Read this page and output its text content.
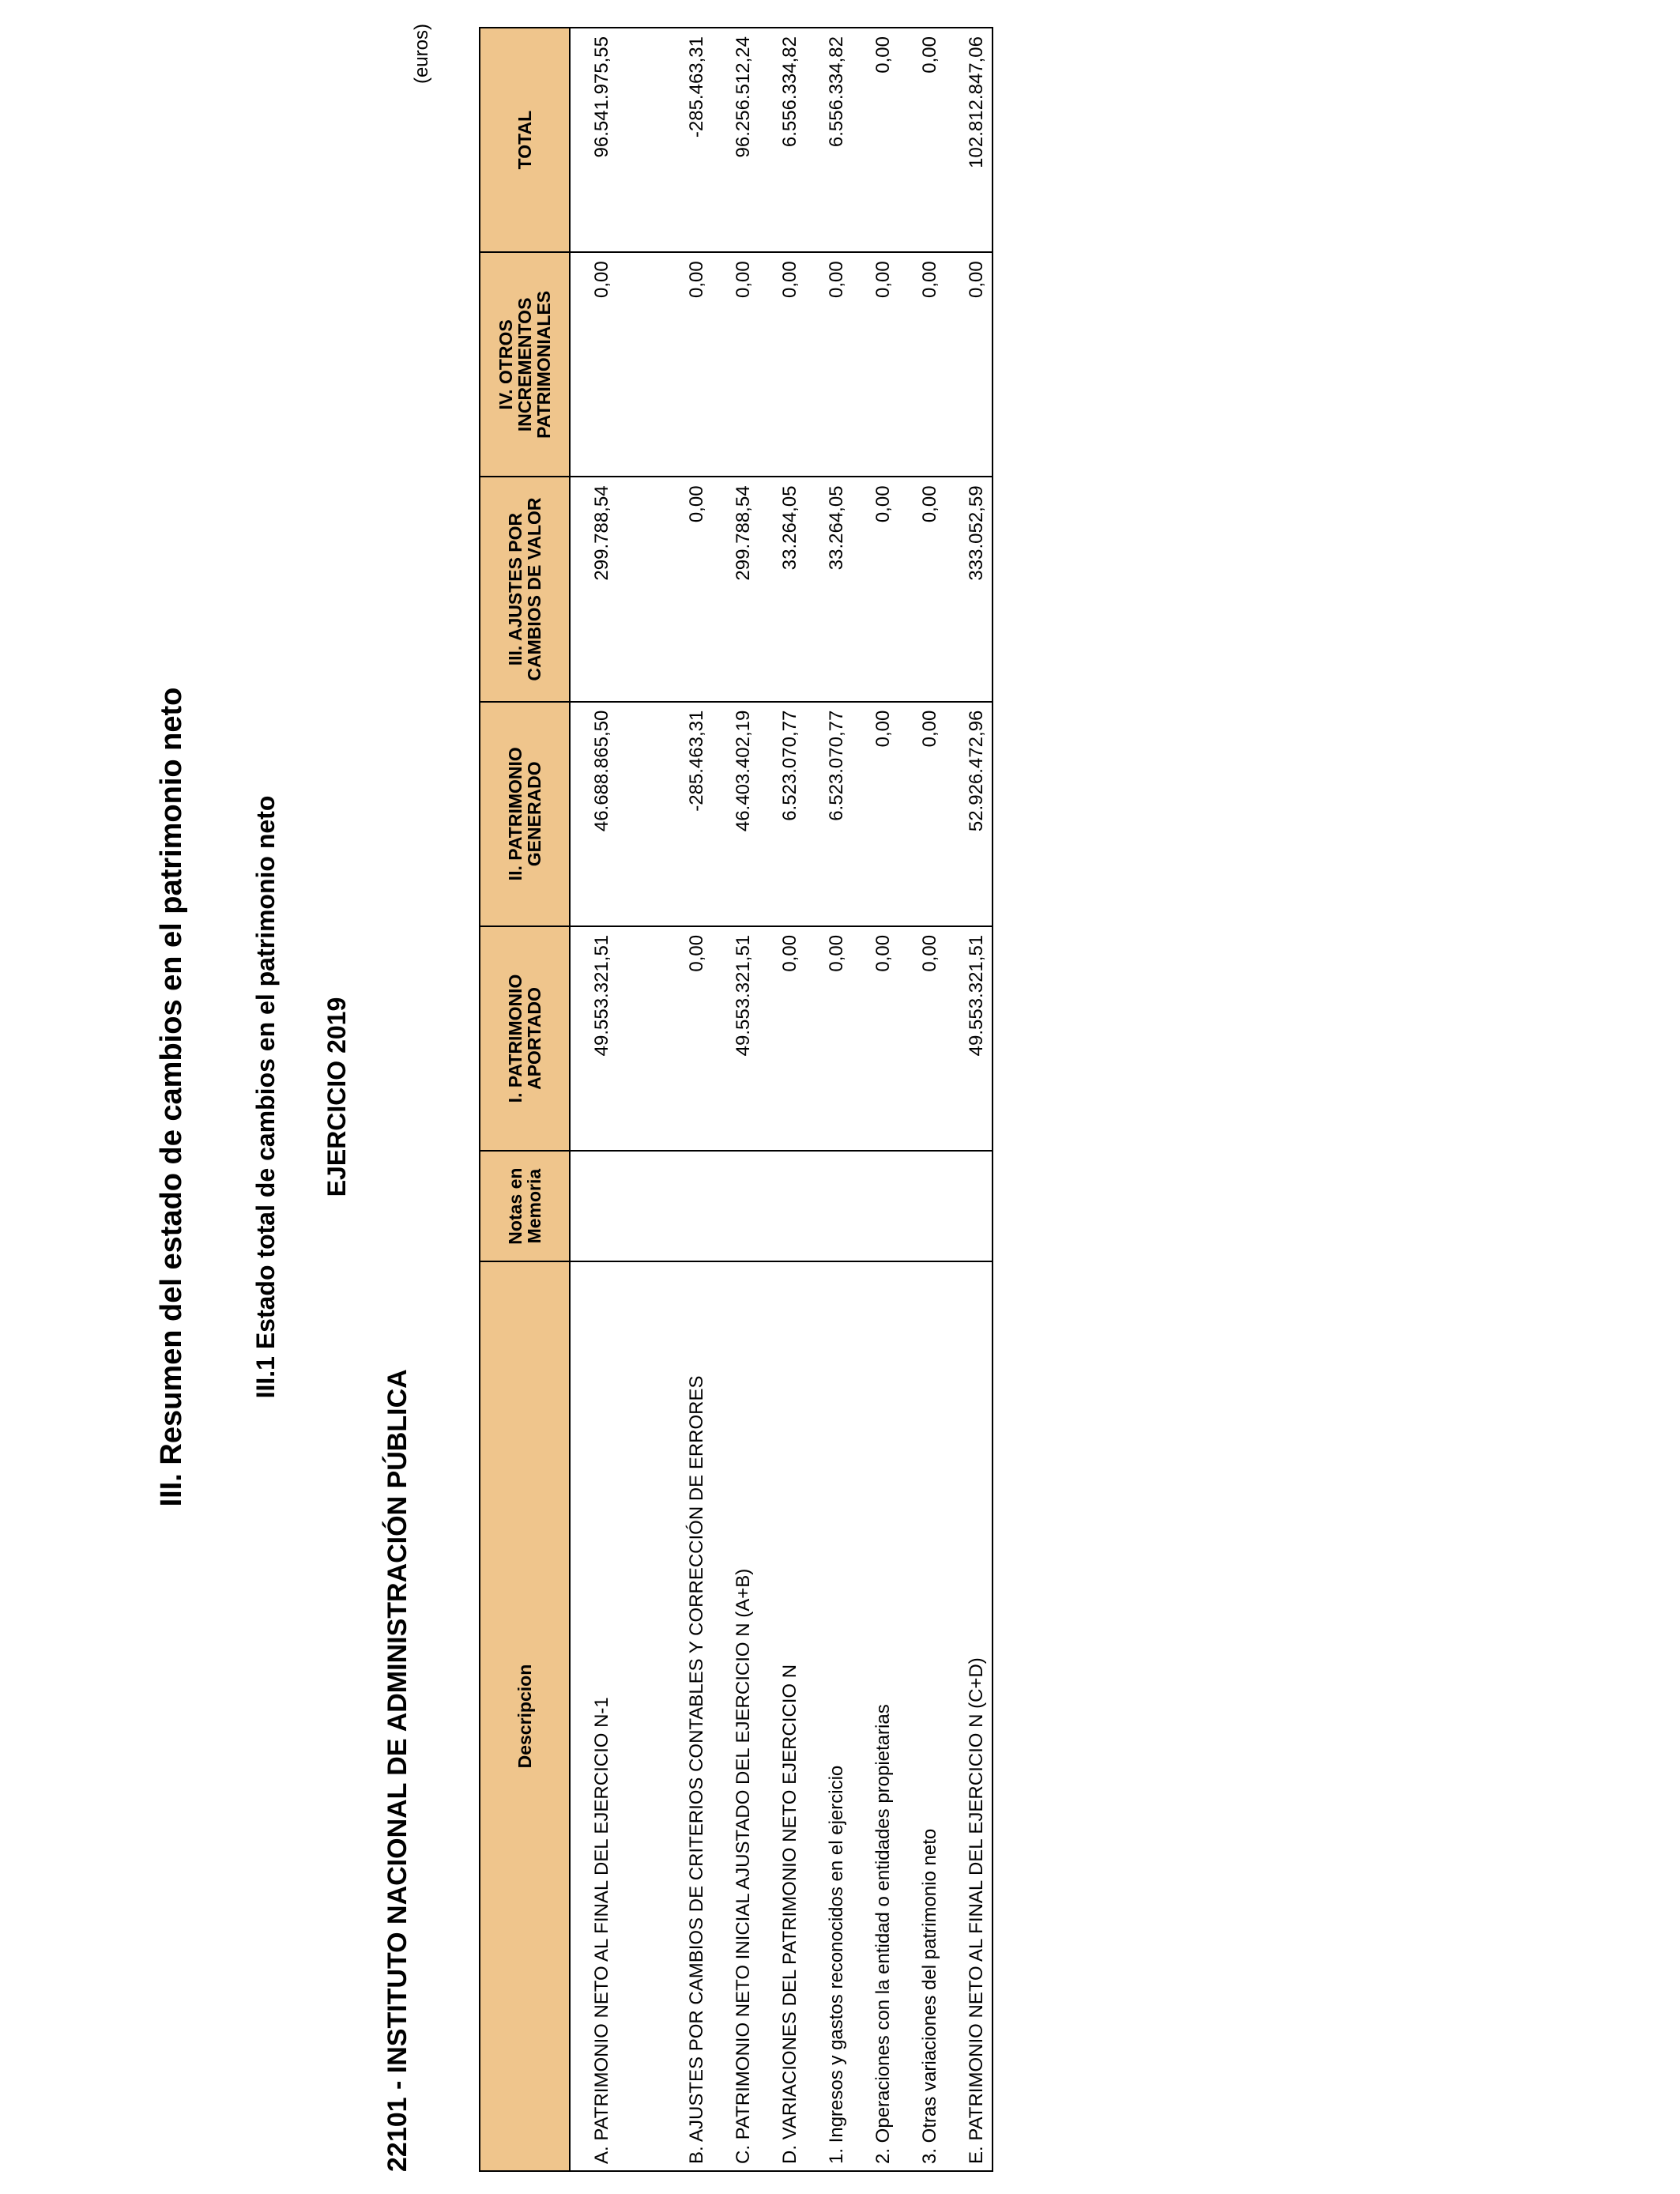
III. Resumen del estado de cambios en el patrimonio neto	III.1 Estado total de cambios en el patrimonio neto EJERCICIO 2019
22101 - INSTITUTO NACIONAL DE ADMINISTRACIÓN PÚBLICA
(euros)
Descripcion	Notas en Memoria	I. PATRIMONIO APORTADO	II. PATRIMONIO GENERADO	III. AJUSTES POR CAMBIOS DE VALOR	IV. OTROS INCREMENTOS PATRIMONIALES	TOTAL
A. PATRIMONIO NETO AL FINAL DEL EJERCICIO N-1		49.553.321,51	46.688.865,50	299.788,54	0,00	96.541.975,55
B. AJUSTES POR CAMBIOS DE CRITERIOS CONTABLES Y CORRECCIÓN DE ERRORES		0,00	-285.463,31	0,00	0,00	-285.463,31
C. PATRIMONIO NETO INICIAL AJUSTADO DEL EJERCICIO N (A+B)		49.553.321,51	46.403.402,19	299.788,54	0,00	96.256.512,24
D. VARIACIONES DEL PATRIMONIO NETO EJERCICIO N		0,00	6.523.070,77	33.264,05	0,00	6.556.334,82
1. Ingresos y gastos reconocidos en el ejercicio		0,00	6.523.070,77	33.264,05	0,00	6.556.334,82
2. Operaciones con la entidad o entidades propietarias		0,00	0,00	0,00	0,00	0,00
3. Otras variaciones del patrimonio neto		0,00	0,00	0,00	0,00	0,00
E. PATRIMONIO NETO AL FINAL DEL EJERCICIO N (C+D)		49.553.321,51	52.926.472,96	333.052,59	0,00	102.812.847,06
